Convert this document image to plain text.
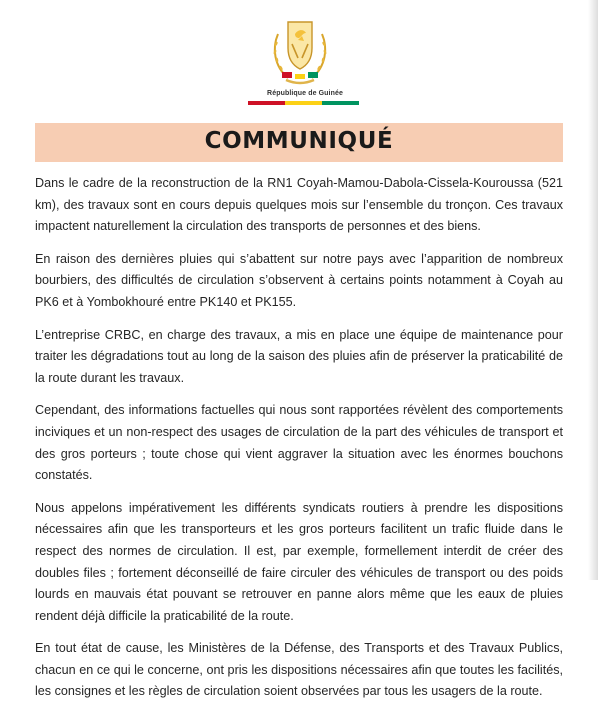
République de Guinée
COMMUNIQUÉ

Dans le cadre de la reconstruction de la RN1 Coyah-Mamou-Dabola-Cissela-Kouroussa (521 km), des travaux sont en cours depuis quelques mois sur l’ensemble du tronçon. Ces travaux impactent naturellement la circulation des transports de personnes et des biens.

En raison des dernières pluies qui s’abattent sur notre pays avec l’apparition de nombreux bourbiers, des difficultés de circulation s’observent à certains points notamment à Coyah au PK6 et à Yombokhouré entre PK140 et PK155.

L’entreprise CRBC, en charge des travaux, a mis en place une équipe de maintenance pour traiter les dégradations tout au long de la saison des pluies afin de préserver la praticabilité de la route durant les travaux.

Cependant, des informations factuelles qui nous sont rapportées révèlent des comportements inciviques et un non-respect des usages de circulation de la part des véhicules de transport et des gros porteurs ; toute chose qui vient aggraver la situation avec les énormes bouchons constatés.

Nous appelons impérativement les différents syndicats routiers à prendre les dispositions nécessaires afin que les transporteurs et les gros porteurs facilitent un trafic fluide dans le respect des normes de circulation. Il est, par exemple, formellement interdit de créer des doubles files ; fortement déconseillé de faire circuler des véhicules de transport ou des poids lourds en mauvais état pouvant se retrouver en panne alors même que les eaux de pluies rendent déjà difficile la praticabilité de la route.

En tout état de cause, les Ministères de la Défense, des Transports et des Travaux Publics, chacun en ce qui le concerne, ont pris les dispositions nécessaires afin que toutes les facilités, les consignes et les règles de circulation soient observées par tous les usagers de la route.
